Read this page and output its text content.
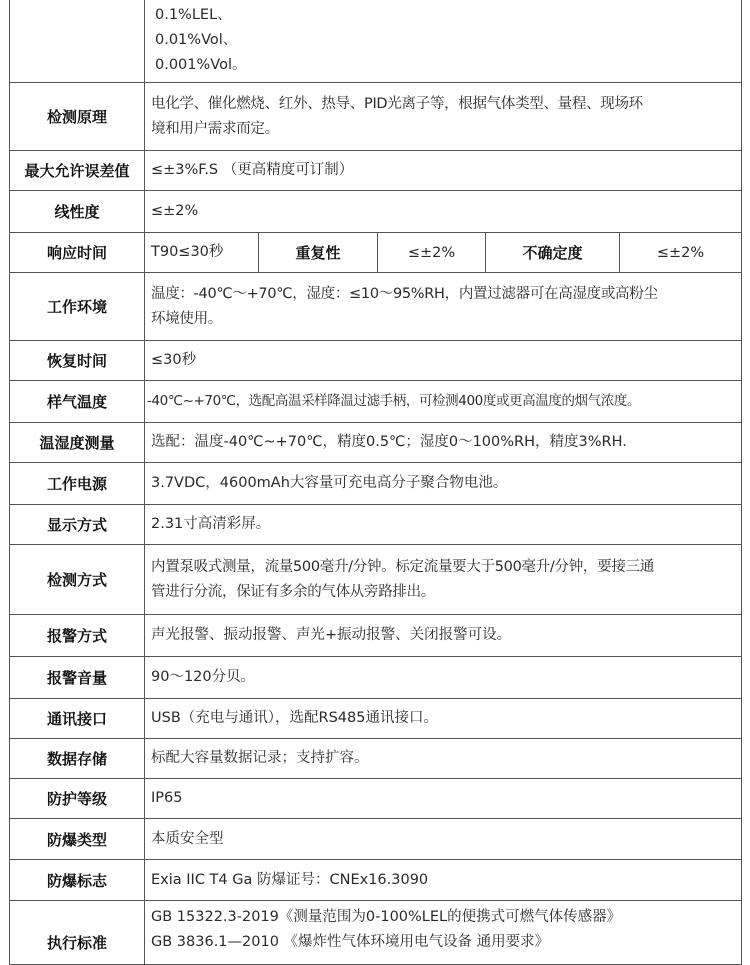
	0.1%LEL、
0.01%Vol、
0.001%Vol。				

检测原理	电化学、催化燃烧、红外、热导、PID光离子等，根据气体类型、量程、现场环
境和用户需求而定。				

最大允许误差值	≤±3%F.S （更高精度可订制）				
线性度	≤±2%				
响应时间	T90≤30秒	重复性	≤±2%	不确定度	≤±2%
工作环境	温度：-40℃～+70℃，湿度：≤10～95%RH，内置过滤器可在高湿度或高粉尘
环境使用。				

恢复时间	≤30秒				
样气温度	-40℃~+70℃，选配高温采样降温过滤手柄，可检测400度或更高温度的烟气浓度。				
温湿度测量	选配：温度-40℃~+70℃，精度0.5℃；湿度0～100%RH，精度3%RH.				
工作电源	3.7VDC，4600mAh大容量可充电高分子聚合物电池。				
显示方式	2.31寸高清彩屏。				
检测方式	内置泵吸式测量，流量500毫升/分钟。标定流量要大于500毫升/分钟，要接三通
管进行分流，保证有多余的气体从旁路排出。				

报警方式	声光报警、振动报警、声光+振动报警、关闭报警可设。				
报警音量	90～120分贝。				
通讯接口	USB（充电与通讯），选配RS485通讯接口。				
数据存储	标配大容量数据记录；支持扩容。				
防护等级	IP65				
防爆类型	本质安全型				
防爆标志	Exia IIC T4 Ga 防爆证号：CNEx16.3090				
执行标准	GB 15322.3-2019《测量范围为0-100%LEL的便携式可燃气体传感器》
GB 3836.1—2010 《爆炸性气体环境用电气设备 通用要求》				
